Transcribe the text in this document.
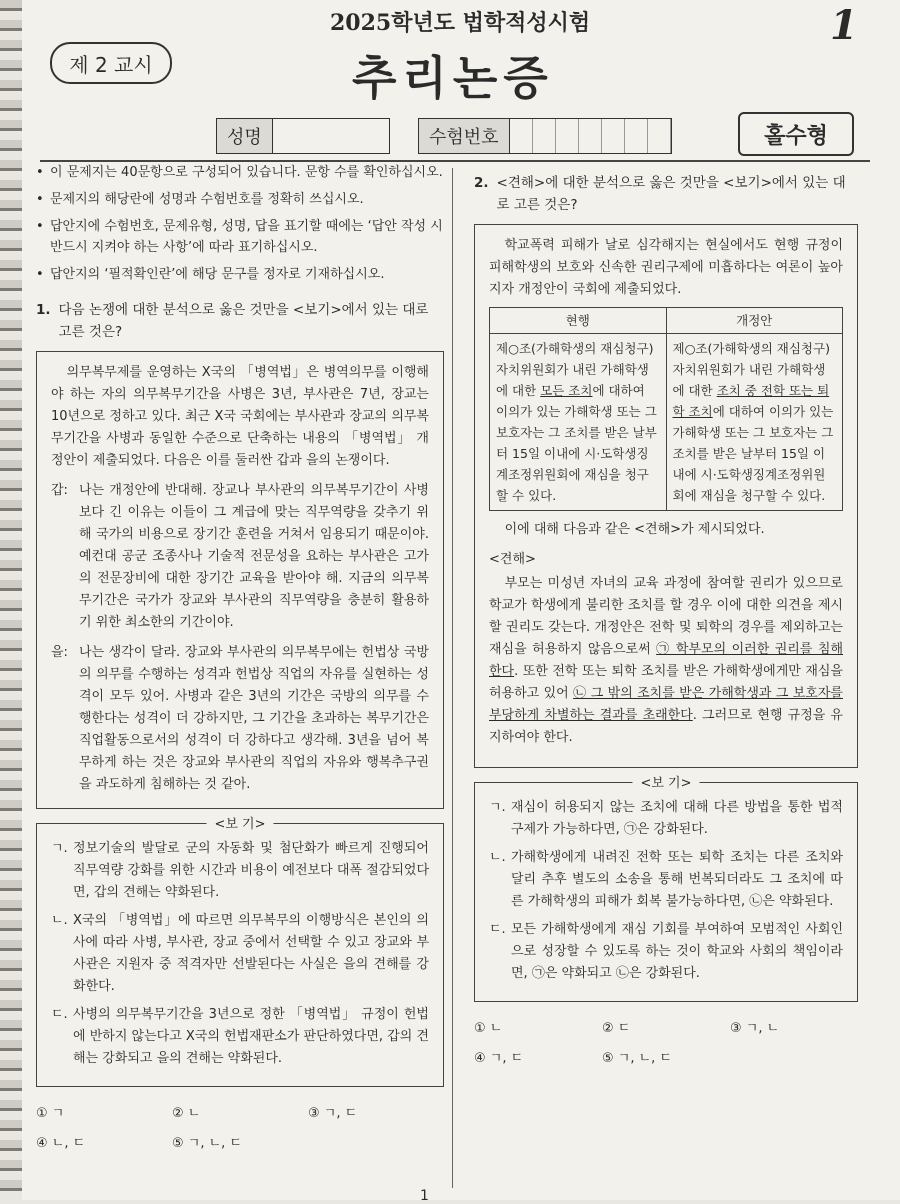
2025학년도 법학적성시험	1
제 2 교시	추리논증
성명	수험번호	홀수형
• 이 문제지는 40문항으로 구성되어 있습니다. 문항 수를 확인하십시오.
• 문제지의 해당란에 성명과 수험번호를 정확히 쓰십시오.
• 답안지에 수험번호, 문제유형, 성명, 답을 표기할 때에는 ‘답안 작성 시 반드시 지켜야 하는 사항’에 따라 표기하십시오.
• 답안지의 ‘필적확인란’에 해당 문구를 정자로 기재하십시오.
1. 다음 논쟁에 대한 분석으로 옳은 것만을 <보기>에서 있는 대로 고른 것은?

의무복무제를 운영하는 X국의 「병역법」은 병역의무를 이행해야 하는 자의 의무복무기간을 사병은 3년, 부사관은 7년, 장교는 10년으로 정하고 있다. 최근 X국 국회에는 부사관과 장교의 의무복무기간을 사병과 동일한 수준으로 단축하는 내용의 「병역법」 개정안이 제출되었다. 다음은 이를 둘러싼 갑과 을의 논쟁이다.

갑: 나는 개정안에 반대해. 장교나 부사관의 의무복무기간이 사병보다 긴 이유는 이들이 그 계급에 맞는 직무역량을 갖추기 위해 국가의 비용으로 장기간 훈련을 거쳐서 임용되기 때문이야. 예컨대 공군 조종사나 기술적 전문성을 요하는 부사관은 고가의 전문장비에 대한 장기간 교육을 받아야 해. 지금의 의무복무기간은 국가가 장교와 부사관의 직무역량을 충분히 활용하기 위한 최소한의 기간이야.
을: 나는 생각이 달라. 장교와 부사관의 의무복무에는 헌법상 국방의 의무를 수행하는 성격과 헌법상 직업의 자유를 실현하는 성격이 모두 있어. 사병과 같은 3년의 기간은 국방의 의무를 수행한다는 성격이 더 강하지만, 그 기간을 초과하는 복무기간은 직업활동으로서의 성격이 더 강하다고 생각해. 3년을 넘어 복무하게 하는 것은 장교와 부사관의 직업의 자유와 행복추구권을 과도하게 침해하는 것 같아.
<보 기>
ㄱ. 정보기술의 발달로 군의 자동화 및 첨단화가 빠르게 진행되어 직무역량 강화를 위한 시간과 비용이 예전보다 대폭 절감되었다면, 갑의 견해는 약화된다.
ㄴ. X국의 「병역법」에 따르면 의무복무의 이행방식은 본인의 의사에 따라 사병, 부사관, 장교 중에서 선택할 수 있고 장교와 부사관은 지원자 중 적격자만 선발된다는 사실은 을의 견해를 강화한다.
ㄷ. 사병의 의무복무기간을 3년으로 정한 「병역법」 규정이 헌법에 반하지 않는다고 X국의 헌법재판소가 판단하였다면, 갑의 견해는 강화되고 을의 견해는 약화된다.
① ㄱ	② ㄴ	③ ㄱ, ㄷ
④ ㄴ, ㄷ	⑤ ㄱ, ㄴ, ㄷ
2. <견해>에 대한 분석으로 옳은 것만을 <보기>에서 있는 대로 고른 것은?

학교폭력 피해가 날로 심각해지는 현실에서도 현행 규정이 피해학생의 보호와 신속한 권리구제에 미흡하다는 여론이 높아지자 개정안이 국회에 제출되었다.

현행	개정안
제○조(가해학생의 재심청구) 자치위원회가 내린 가해학생에 대한 모든 조치에 대하여 이의가 있는 가해학생 또는 그 보호자는 그 조치를 받은 날부터 15일 이내에 시·도학생징계조정위원회에 재심을 청구할 수 있다.	제○조(가해학생의 재심청구) 자치위원회가 내린 가해학생에 대한 조치 중 전학 또는 퇴학 조치에 대하여 이의가 있는 가해학생 또는 그 보호자는 그 조치를 받은 날부터 15일 이내에 시·도학생징계조정위원회에 재심을 청구할 수 있다.

이에 대해 다음과 같은 <견해>가 제시되었다.

<견해>

부모는 미성년 자녀의 교육 과정에 참여할 권리가 있으므로 학교가 학생에게 불리한 조치를 할 경우 이에 대한 의견을 제시할 권리도 갖는다. 개정안은 전학 및 퇴학의 경우를 제외하고는 재심을 허용하지 않음으로써 ㉠ 학부모의 이러한 권리를 침해한다. 또한 전학 또는 퇴학 조치를 받은 가해학생에게만 재심을 허용하고 있어 ㉡ 그 밖의 조치를 받은 가해학생과 그 보호자를 부당하게 차별하는 결과를 초래한다. 그러므로 현행 규정을 유지하여야 한다.

<보 기>
ㄱ. 재심이 허용되지 않는 조치에 대해 다른 방법을 통한 법적 구제가 가능하다면, ㉠은 강화된다.
ㄴ. 가해학생에게 내려진 전학 또는 퇴학 조치는 다른 조치와 달리 추후 별도의 소송을 통해 번복되더라도 그 조치에 따른 가해학생의 피해가 회복 불가능하다면, ㉡은 약화된다.
ㄷ. 모든 가해학생에게 재심 기회를 부여하여 모범적인 사회인으로 성장할 수 있도록 하는 것이 학교와 사회의 책임이라면, ㉠은 약화되고 ㉡은 강화된다.
① ㄴ	② ㄷ	③ ㄱ, ㄴ
④ ㄱ, ㄷ	⑤ ㄱ, ㄴ, ㄷ
1
